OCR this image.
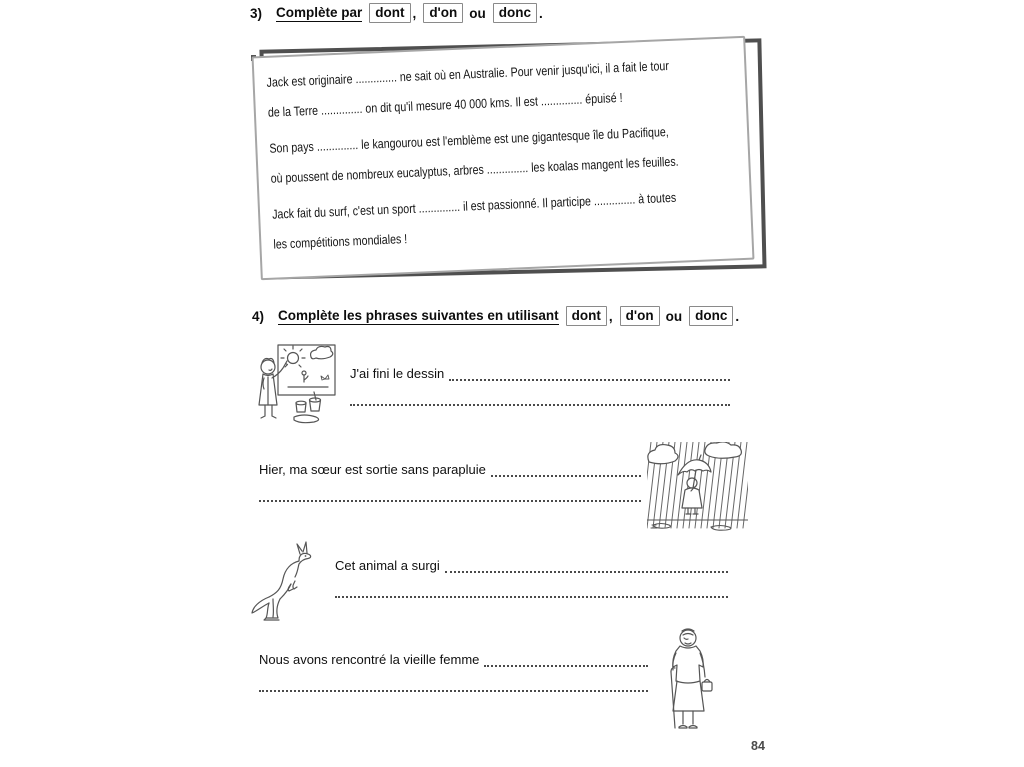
3) Complète par dont , d'on ou donc .
Jack est originaire .............. ne sait où en Australie. Pour venir jusqu'ici, il a fait le tour
de la Terre .............. on dit qu'il mesure 40 000 kms. Il est .............. épuisé !
Son pays .............. le kangourou est l'emblème est une gigantesque île du Pacifique,
où poussent de nombreux eucalyptus, arbres .............. les koalas mangent les feuilles.
Jack fait du surf, c'est un sport .............. il est passionné. Il participe .............. à toutes
les compétitions mondiales !
4) Complète les phrases suivantes en utilisant dont , d'on ou donc .
J'ai fini le dessin
Hier, ma sœur est sortie sans parapluie
Cet animal a surgi
Nous avons rencontré la vieille femme
84
